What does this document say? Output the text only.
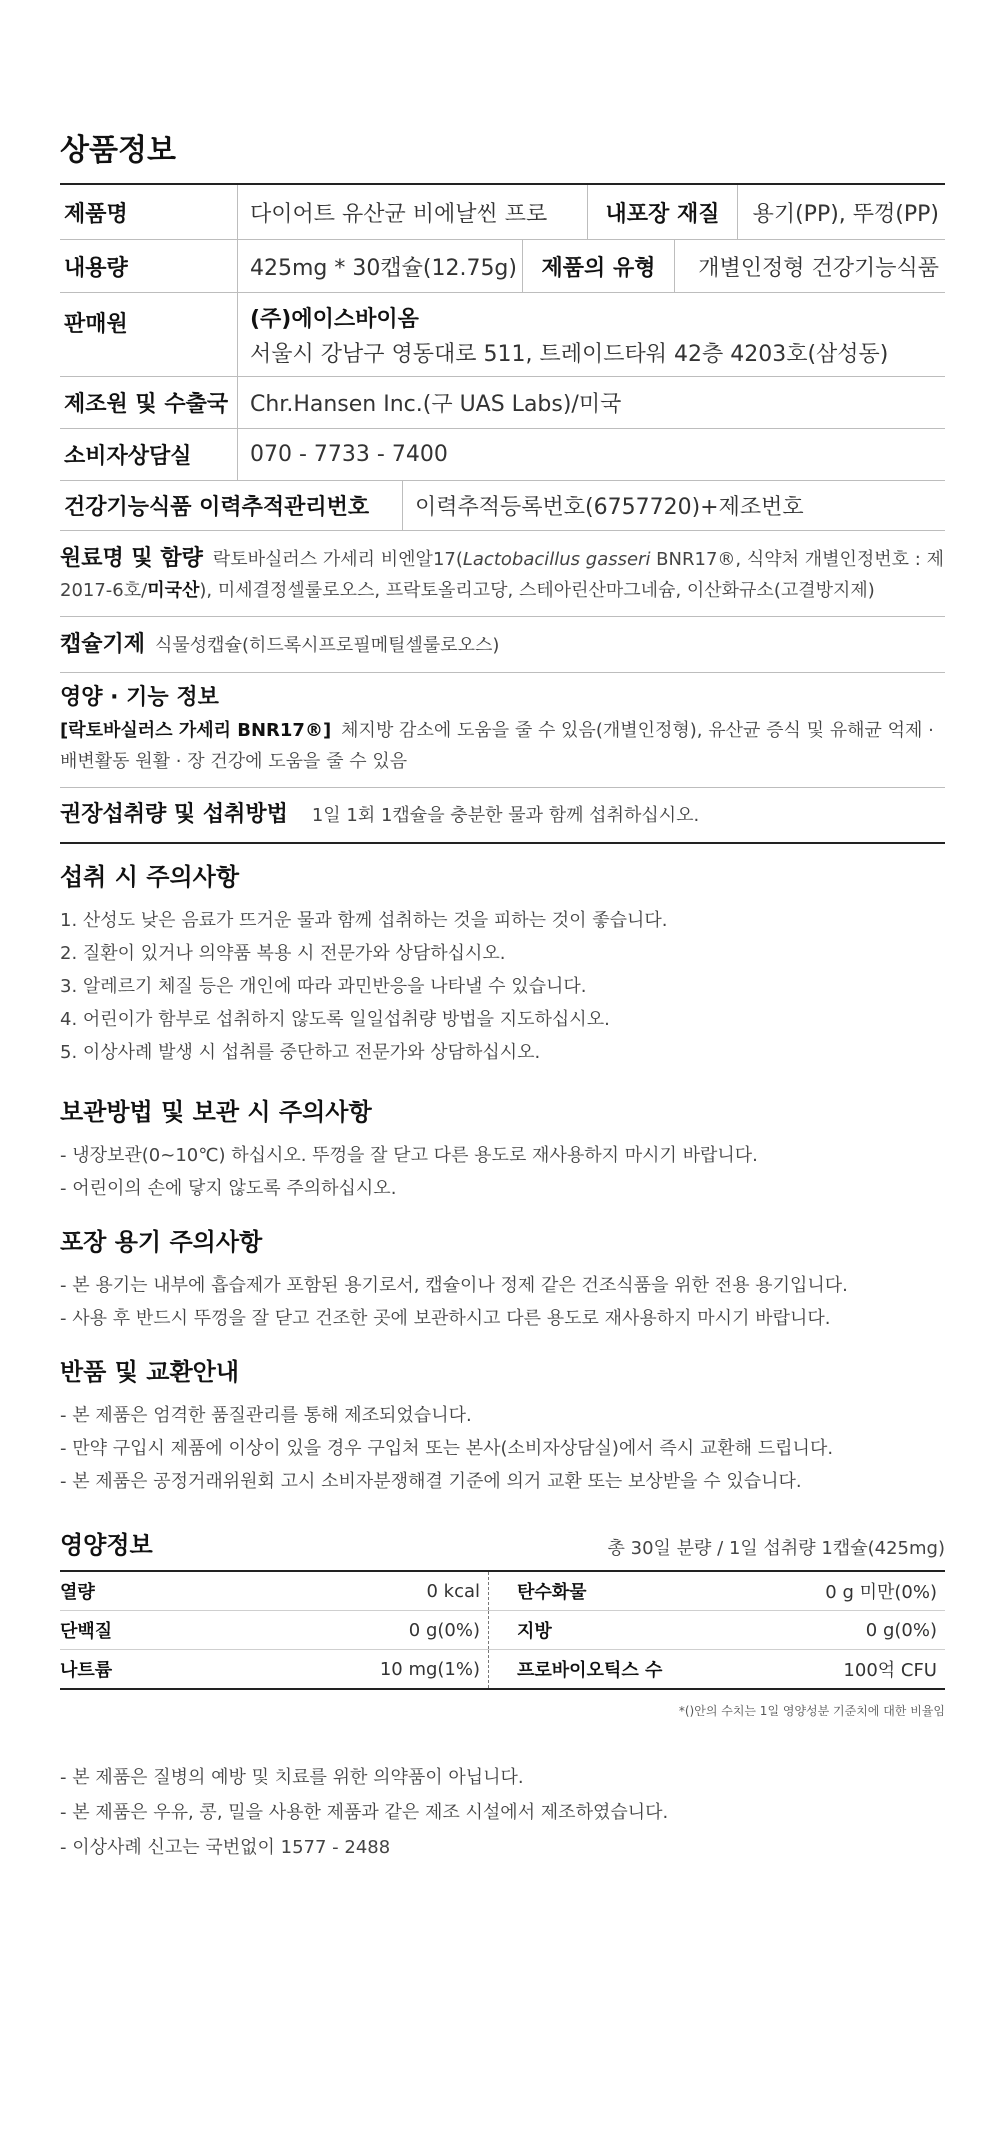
상품정보
제품명	다이어트 유산균 비에날씬 프로	내포장 재질	용기(PP), 뚜껑(PP)
내용량	425mg * 30캡슐(12.75g)	제품의 유형	개별인정형 건강기능식품
판매원	(주)에이스바이옴
서울시 강남구 영동대로 511, 트레이드타워 42층 4203호(삼성동)
제조원 및 수출국 Chr.Hansen Inc.(구 UAS Labs)/미국
소비자상담실	070 - 7733 - 7400
건강기능식품 이력추적관리번호	이력추적등록번호(6757720)+제조번호
원료명 및 함량 락토바실러스 가세리 비엔알17(Lactobacillus gasseri BNR17®, 식약처 개별인정번호 : 제 2017-6호/미국산), 미세결정셀룰로오스, 프락토올리고당, 스테아린산마그네슘, 이산화규소(고결방지제)
캡슐기제 식물성캡슐(히드록시프로필메틸셀룰로오스)
영양 · 기능 정보
[락토바실러스 가세리 BNR17®] 체지방 감소에 도움을 줄 수 있음(개별인정형), 유산균 증식 및 유해균 억제 · 배변활동 원활 · 장 건강에 도움을 줄 수 있음
권장섭취량 및 섭취방법 1일 1회 1캡슐을 충분한 물과 함께 섭취하십시오.
섭취 시 주의사항

1. 산성도 낮은 음료가 뜨거운 물과 함께 섭취하는 것을 피하는 것이 좋습니다.

2. 질환이 있거나 의약품 복용 시 전문가와 상담하십시오.

3. 알레르기 체질 등은 개인에 따라 과민반응을 나타낼 수 있습니다.

4. 어린이가 함부로 섭취하지 않도록 일일섭취량 방법을 지도하십시오.

5. 이상사례 발생 시 섭취를 중단하고 전문가와 상담하십시오.

보관방법 및 보관 시 주의사항

- 냉장보관(0~10℃) 하십시오. 뚜껑을 잘 닫고 다른 용도로 재사용하지 마시기 바랍니다.

- 어린이의 손에 닿지 않도록 주의하십시오.

포장 용기 주의사항

- 본 용기는 내부에 흡습제가 포함된 용기로서, 캡슐이나 정제 같은 건조식품을 위한 전용 용기입니다.

- 사용 후 반드시 뚜껑을 잘 닫고 건조한 곳에 보관하시고 다른 용도로 재사용하지 마시기 바랍니다.

반품 및 교환안내

- 본 제품은 엄격한 품질관리를 통해 제조되었습니다.

- 만약 구입시 제품에 이상이 있을 경우 구입처 또는 본사(소비자상담실)에서 즉시 교환해 드립니다.

- 본 제품은 공정거래위원회 고시 소비자분쟁해결 기준에 의거 교환 또는 보상받을 수 있습니다.

영양정보	총 30일 분량 / 1일 섭취량 1캡슐(425mg)
열량	0 kcal 탄수화물	0 g 미만(0%)
단백질	0 g(0%) 지방	0 g(0%)
나트륨	10 mg(1%) 프로바이오틱스 수	100억 CFU
*()안의 수치는 1일 영양성분 기준치에 대한 비율임

- 본 제품은 질병의 예방 및 치료를 위한 의약품이 아닙니다.

- 본 제품은 우유, 콩, 밀을 사용한 제품과 같은 제조 시설에서 제조하였습니다.

- 이상사례 신고는 국번없이 1577 - 2488
